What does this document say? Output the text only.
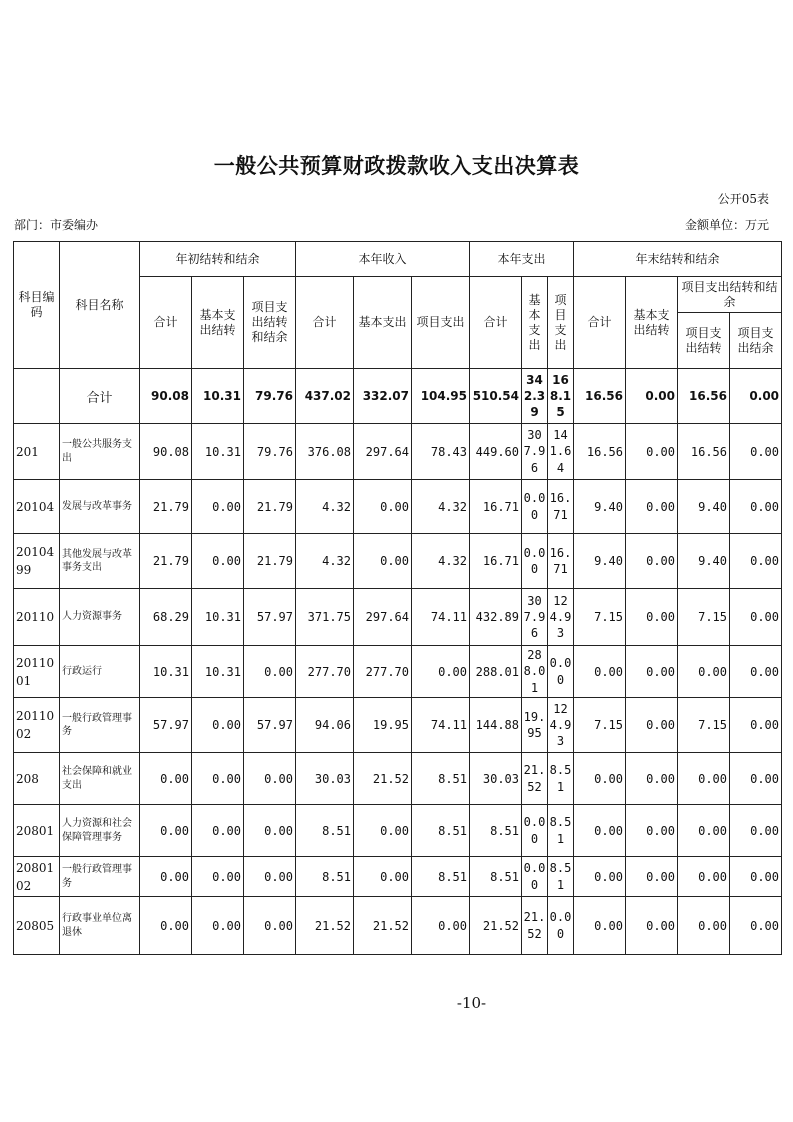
一般公共预算财政拨款收入支出决算表
公开05表
部门：市委编办	金额单位：万元
科目编码	科目名称	年初结转和结余			本年收入			本年支出			年末结转和结余			
		合计	基本支出结转	项目支出结转和结余	合计	基本支出	项目支出	合计	基本支出	项目支出	合计	基本支出结转	项目支出结转和结余	
													项目支出结转	项目支出结余
	合计	90.08	10.31	79.76	437.02	332.07	104.95	510.54	342.39	168.15	16.56	0.00	16.56	0.00
201	一般公共服务支出	90.08	10.31	79.76	376.08	297.64	78.43	449.60	307.96	141.64	16.56	0.00	16.56	0.00
20104	发展与改革事务	21.79	0.00	21.79	4.32	0.00	4.32	16.71	0.00	16.71	9.40	0.00	9.40	0.00
2010499	其他发展与改革事务支出	21.79	0.00	21.79	4.32	0.00	4.32	16.71	0.00	16.71	9.40	0.00	9.40	0.00
20110	人力资源事务	68.29	10.31	57.97	371.75	297.64	74.11	432.89	307.96	124.93	7.15	0.00	7.15	0.00
2011001	行政运行	10.31	10.31	0.00	277.70	277.70	0.00	288.01	288.01	0.00	0.00	0.00	0.00	0.00
2011002	一般行政管理事务	57.97	0.00	57.97	94.06	19.95	74.11	144.88	19.95	124.93	7.15	0.00	7.15	0.00
208	社会保障和就业支出	0.00	0.00	0.00	30.03	21.52	8.51	30.03	21.52	8.51	0.00	0.00	0.00	0.00
20801	人力资源和社会保障管理事务	0.00	0.00	0.00	8.51	0.00	8.51	8.51	0.00	8.51	0.00	0.00	0.00	0.00
2080102	一般行政管理事务	0.00	0.00	0.00	8.51	0.00	8.51	8.51	0.00	8.51	0.00	0.00	0.00	0.00
20805	行政事业单位离退休	0.00	0.00	0.00	21.52	21.52	0.00	21.52	21.52	0.00	0.00	0.00	0.00	0.00
-10-
